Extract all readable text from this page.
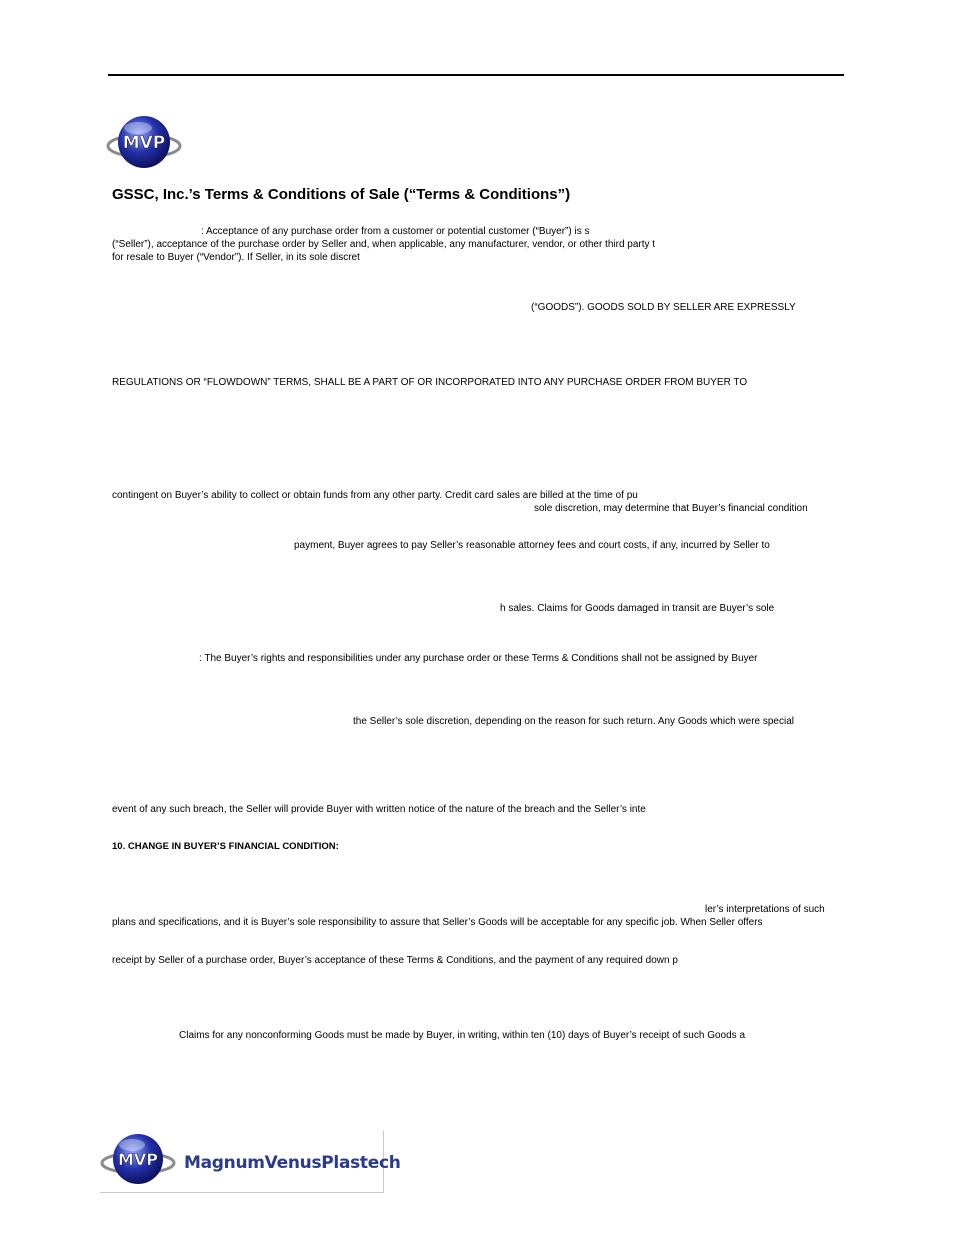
MVP
GSSC, Inc.’s Terms & Conditions of Sale (“Terms & Conditions”)
: Acceptance of any purchase order from a customer or potential customer (“Buyer”) is s
(“Seller”), acceptance of the purchase order by Seller and, when applicable, any manufacturer, vendor, or other third party t
for resale to Buyer (“Vendor”). If Seller, in its sole discret
(“GOODS”). GOODS SOLD BY SELLER ARE EXPRESSLY
REGULATIONS OR “FLOWDOWN” TERMS, SHALL BE A PART OF OR INCORPORATED INTO ANY PURCHASE ORDER FROM BUYER TO
contingent on Buyer’s ability to collect or obtain funds from any other party. Credit card sales are billed at the time of pu
sole discretion, may determine that Buyer’s financial condition
payment, Buyer agrees to pay Seller’s reasonable attorney fees and court costs, if any, incurred by Seller to
h sales. Claims for Goods damaged in transit are Buyer’s sole
: The Buyer’s rights and responsibilities under any purchase order or these Terms & Conditions shall not be assigned by Buyer
the Seller’s sole discretion, depending on the reason for such return. Any Goods which were special
event of any such breach, the Seller will provide Buyer with written notice of the nature of the breach and the Seller’s inte
10. CHANGE IN BUYER’S FINANCIAL CONDITION:
ler’s interpretations of such
plans and specifications, and it is Buyer’s sole responsibility to assure that Seller’s Goods will be acceptable for any specific job. When Seller offers
receipt by Seller of a purchase order, Buyer’s acceptance of these Terms & Conditions, and the payment of any required down p
Claims for any nonconforming Goods must be made by Buyer, in writing, within ten (10) days of Buyer’s receipt of such Goods a
MVP MagnumVenusPlastech
